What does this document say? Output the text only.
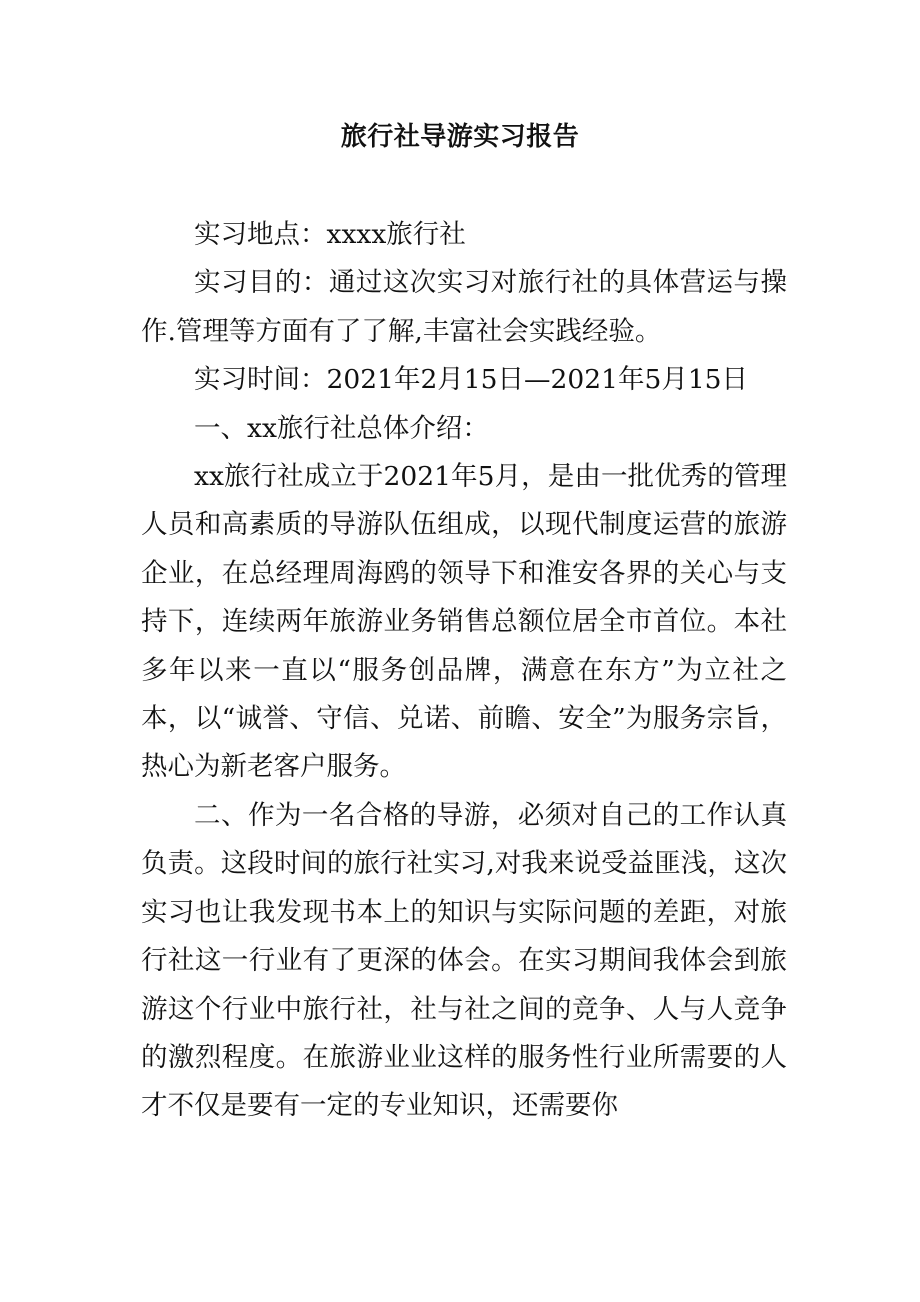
旅行社导游实习报告

实习地点：xxxx旅行社

实习目的：通过这次实习对旅行社的具体营运与操作.管理等方面有了了解,丰富社会实践经验。

实习时间：2021年2月15日—2021年5月15日

一、xx旅行社总体介绍：

xx旅行社成立于2021年5月，是由一批优秀的管理人员和高素质的导游队伍组成，以现代制度运营的旅游企业，在总经理周海鸥的领导下和淮安各界的关心与支持下，连续两年旅游业务销售总额位居全市首位。本社多年以来一直以“服务创品牌，满意在东方”为立社之本，以“诚誉、守信、兑诺、前瞻、安全”为服务宗旨，热心为新老客户服务。

二、作为一名合格的导游，必须对自己的工作认真负责。这段时间的旅行社实习,对我来说受益匪浅，这次实习也让我发现书本上的知识与实际问题的差距，对旅行社这一行业有了更深的体会。在实习期间我体会到旅游这个行业中旅行社，社与社之间的竞争、人与人竞争的激烈程度。在旅游业业这样的服务性行业所需要的人才不仅是要有一定的专业知识，还需要你
